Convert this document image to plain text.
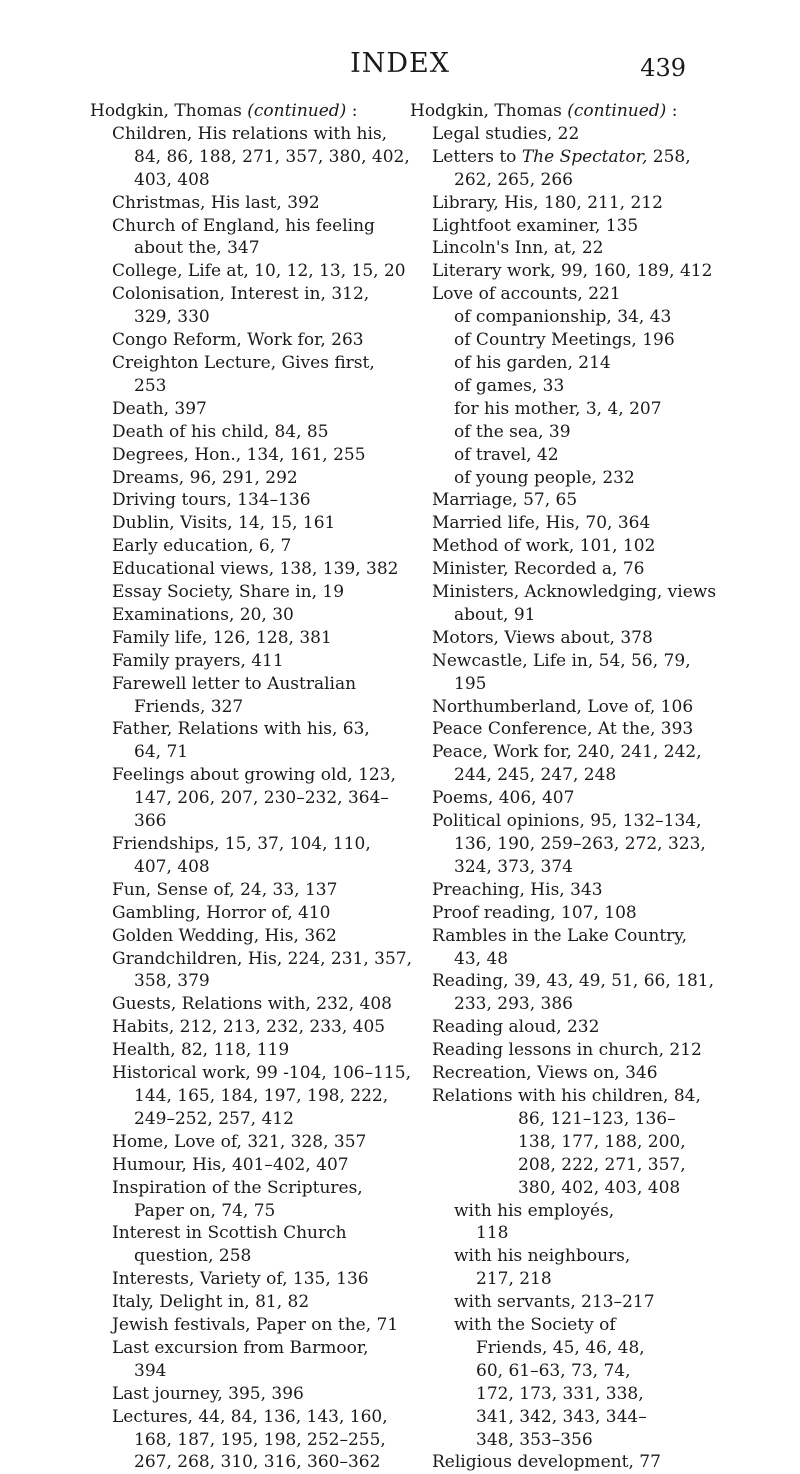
INDEX	439
Hodgkin, Thomas (continued) :
Children, His relations with his,
84, 86, 188, 271, 357, 380, 402,
403, 408
Christmas, His last, 392
Church of England, his feeling
about the, 347
College, Life at, 10, 12, 13, 15, 20
Colonisation, Interest in, 312,
329, 330
Congo Reform, Work for, 263
Creighton Lecture, Gives first,
253
Death, 397
Death of his child, 84, 85
Degrees, Hon., 134, 161, 255
Dreams, 96, 291, 292
Driving tours, 134–136
Dublin, Visits, 14, 15, 161
Early education, 6, 7
Educational views, 138, 139, 382
Essay Society, Share in, 19
Examinations, 20, 30
Family life, 126, 128, 381
Family prayers, 411
Farewell letter to Australian
Friends, 327
Father, Relations with his, 63,
64, 71
Feelings about growing old, 123,
147, 206, 207, 230–232, 364–
366
Friendships, 15, 37, 104, 110,
407, 408
Fun, Sense of, 24, 33, 137
Gambling, Horror of, 410
Golden Wedding, His, 362
Grandchildren, His, 224, 231, 357,
358, 379
Guests, Relations with, 232, 408
Habits, 212, 213, 232, 233, 405
Health, 82, 118, 119
Historical work, 99 -104, 106–115,
144, 165, 184, 197, 198, 222,
249–252, 257, 412
Home, Love of, 321, 328, 357
Humour, His, 401–402, 407
Inspiration of the Scriptures,
Paper on, 74, 75
Interest in Scottish Church
question, 258
Interests, Variety of, 135, 136
Italy, Delight in, 81, 82
Jewish festivals, Paper on the, 71
Last excursion from Barmoor,
394
Last journey, 395, 396
Lectures, 44, 84, 136, 143, 160,
168, 187, 195, 198, 252–255,
267, 268, 310, 316, 360–362
Hodgkin, Thomas (continued) :
Legal studies, 22
Letters to The Spectator, 258,
262, 265, 266
Library, His, 180, 211, 212
Lightfoot examiner, 135
Lincoln's Inn, at, 22
Literary work, 99, 160, 189, 412
Love of accounts, 221
of companionship, 34, 43
of Country Meetings, 196
of his garden, 214
of games, 33
for his mother, 3, 4, 207
of the sea, 39
of travel, 42
of young people, 232
Marriage, 57, 65
Married life, His, 70, 364
Method of work, 101, 102
Minister, Recorded a, 76
Ministers, Acknowledging, views
about, 91
Motors, Views about, 378
Newcastle, Life in, 54, 56, 79,
195
Northumberland, Love of, 106
Peace Conference, At the, 393
Peace, Work for, 240, 241, 242,
244, 245, 247, 248
Poems, 406, 407
Political opinions, 95, 132–134,
136, 190, 259–263, 272, 323,
324, 373, 374
Preaching, His, 343
Proof reading, 107, 108
Rambles in the Lake Country,
43, 48
Reading, 39, 43, 49, 51, 66, 181,
233, 293, 386
Reading aloud, 232
Reading lessons in church, 212
Recreation, Views on, 346
Relations with his children, 84,
86, 121–123, 136–
138, 177, 188, 200,
208, 222, 271, 357,
380, 402, 403, 408
with his employés,
118
with his neighbours,
217, 218
with servants, 213–217
with the Society of
Friends, 45, 46, 48,
60, 61–63, 73, 74,
172, 173, 331, 338,
341, 342, 343, 344–
348, 353–356
Religious development, 77
